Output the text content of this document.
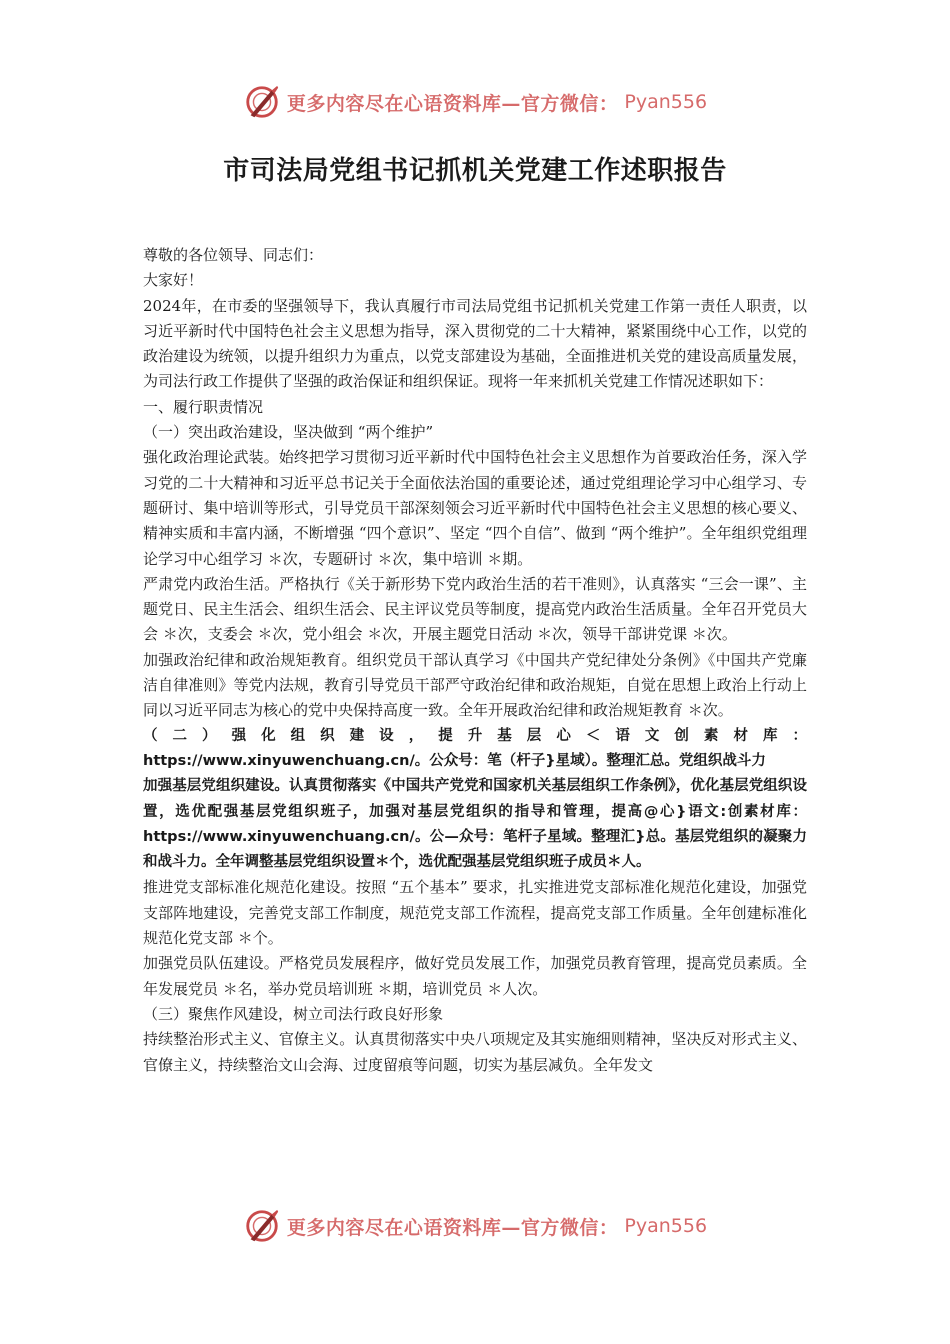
更多内容尽在心语资料库—官方微信： Pyan556
市司法局党组书记抓机关党建工作述职报告

尊敬的各位领导、同志们：

大家好！

2024年，在市委的坚强领导下，我认真履行市司法局党组书记抓机关党建工作第一责任人职责，以习近平新时代中国特色社会主义思想为指导，深入贯彻党的二十大精神，紧紧围绕中心工作，以党的政治建设为统领，以提升组织力为重点，以党支部建设为基础，全面推进机关党的建设高质量发展，为司法行政工作提供了坚强的政治保证和组织保证。现将一年来抓机关党建工作情况述职如下：

一、履行职责情况

（一）突出政治建设，坚决做到 “两个维护”

强化政治理论武装。始终把学习贯彻习近平新时代中国特色社会主义思想作为首要政治任务，深入学习党的二十大精神和习近平总书记关于全面依法治国的重要论述，通过党组理论学习中心组学习、专题研讨、集中培训等形式，引导党员干部深刻领会习近平新时代中国特色社会主义思想的核心要义、精神实质和丰富内涵，不断增强 “四个意识”、坚定 “四个自信”、做到 “两个维护”。全年组织党组理论学习中心组学习 ＊次，专题研讨 ＊次，集中培训 ＊期。

严肃党内政治生活。严格执行《关于新形势下党内政治生活的若干准则》，认真落实 “三会一课”、主题党日、民主生活会、组织生活会、民主评议党员等制度，提高党内政治生活质量。全年召开党员大会 ＊次，支委会 ＊次，党小组会 ＊次，开展主题党日活动 ＊次，领导干部讲党课 ＊次。

加强政治纪律和政治规矩教育。组织党员干部认真学习《中国共产党纪律处分条例》《中国共产党廉洁自律准则》等党内法规，教育引导党员干部严守政治纪律和政治规矩，自觉在思想上政治上行动上同以习近平同志为核心的党中央保持高度一致。全年开展政治纪律和政治规矩教育 ＊次。

（二）强化组织建设，提升基层心＜语文创素材库：

https://www.xinyuwenchuang.cn/。公众号：笔（杆子}星域）。整理汇总。党组织战斗力

加强基层党组织建设。认真贯彻落实《中国共产党党和国家机关基层组织工作条例》，优化基层党组织设置，选优配强基层党组织班子，加强对基层党组织的指导和管理，提高@心}语文:创素材库：https://www.xinyuwenchuang.cn/。公—众号：笔杆子星域。整理汇}总。基层党组织的凝聚力和战斗力。全年调整基层党组织设置＊个，选优配强基层党组织班子成员＊人。

推进党支部标准化规范化建设。按照 “五个基本” 要求，扎实推进党支部标准化规范化建设，加强党支部阵地建设，完善党支部工作制度，规范党支部工作流程，提高党支部工作质量。全年创建标准化规范化党支部 ＊个。

加强党员队伍建设。严格党员发展程序，做好党员发展工作，加强党员教育管理，提高党员素质。全年发展党员 ＊名，举办党员培训班 ＊期，培训党员 ＊人次。

（三）聚焦作风建设，树立司法行政良好形象

持续整治形式主义、官僚主义。认真贯彻落实中央八项规定及其实施细则精神，坚决反对形式主义、官僚主义，持续整治文山会海、过度留痕等问题，切实为基层减负。全年发文

更多内容尽在心语资料库—官方微信： Pyan556
